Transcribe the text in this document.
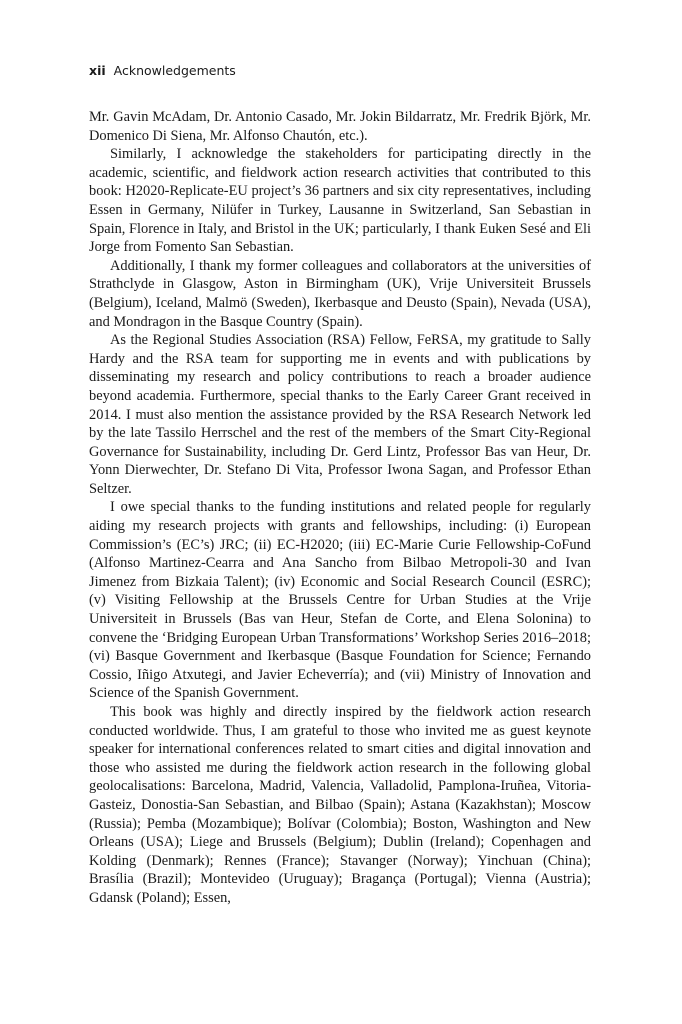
xii Acknowledgements

Mr. Gavin McAdam, Dr. Antonio Casado, Mr. Jokin Bildarratz, Mr. Fredrik Björk, Mr. Domenico Di Siena, Mr. Alfonso Chautón, etc.).

Similarly, I acknowledge the stakeholders for participating directly in the academic, scientific, and fieldwork action research activities that contributed to this book: H2020-Replicate-EU project’s 36 partners and six city representatives, including Essen in Germany, Nilüfer in Turkey, Lausanne in Switzerland, San Sebastian in Spain, Florence in Italy, and Bristol in the UK; particularly, I thank Euken Sesé and Eli Jorge from Fomento San Sebastian.

Additionally, I thank my former colleagues and collaborators at the universities of Strathclyde in Glasgow, Aston in Birmingham (UK), Vrije Universiteit Brussels (Belgium), Iceland, Malmö (Sweden), Ikerbasque and Deusto (Spain), Nevada (USA), and Mondragon in the Basque Country (Spain).

As the Regional Studies Association (RSA) Fellow, FeRSA, my gratitude to Sally Hardy and the RSA team for supporting me in events and with publications by disseminating my research and policy contributions to reach a broader audience beyond academia. Furthermore, special thanks to the Early Career Grant received in 2014. I must also mention the assistance provided by the RSA Research Network led by the late Tassilo Herrschel and the rest of the members of the Smart City-Regional Governance for Sustainability, including Dr. Gerd Lintz, Professor Bas van Heur, Dr. Yonn Dierwechter, Dr. Stefano Di Vita, Professor Iwona Sagan, and Professor Ethan Seltzer.

I owe special thanks to the funding institutions and related people for regularly aiding my research projects with grants and fellowships, including: (i) European Commission’s (EC’s) JRC; (ii) EC-H2020; (iii) EC-Marie Curie Fellowship-CoFund (Alfonso Martinez-Cearra and Ana Sancho from Bilbao Metropoli-30 and Ivan Jimenez from Bizkaia Talent); (iv) Economic and Social Research Council (ESRC); (v) Visiting Fellowship at the Brussels Centre for Urban Studies at the Vrije Universiteit in Brussels (Bas van Heur, Stefan de Corte, and Elena Solonina) to convene the ‘Bridging European Urban Transformations’ Workshop Series 2016–2018; (vi) Basque Government and Ikerbasque (Basque Foundation for Science; Fernando Cossio, Iñigo Atxutegi, and Javier Echeverría); and (vii) Ministry of Innovation and Science of the Spanish Government.

This book was highly and directly inspired by the fieldwork action research conducted worldwide. Thus, I am grateful to those who invited me as guest keynote speaker for international conferences related to smart cities and digital innovation and those who assisted me during the fieldwork action research in the following global geolocalisations: Barcelona, Madrid, Valencia, Valladolid, Pamplona-Iruñea, Vitoria-Gasteiz, Donostia-San Sebastian, and Bilbao (Spain); Astana (Kazakhstan); Moscow (Russia); Pemba (Mozambique); Bolívar (Colombia); Boston, Washington and New Orleans (USA); Liege and Brussels (Belgium); Dublin (Ireland); Copenhagen and Kolding (Denmark); Rennes (France); Stavanger (Norway); Yinchuan (China); Brasília (Brazil); Montevideo (Uruguay); Bragança (Portugal); Vienna (Austria); Gdansk (Poland); Essen,
